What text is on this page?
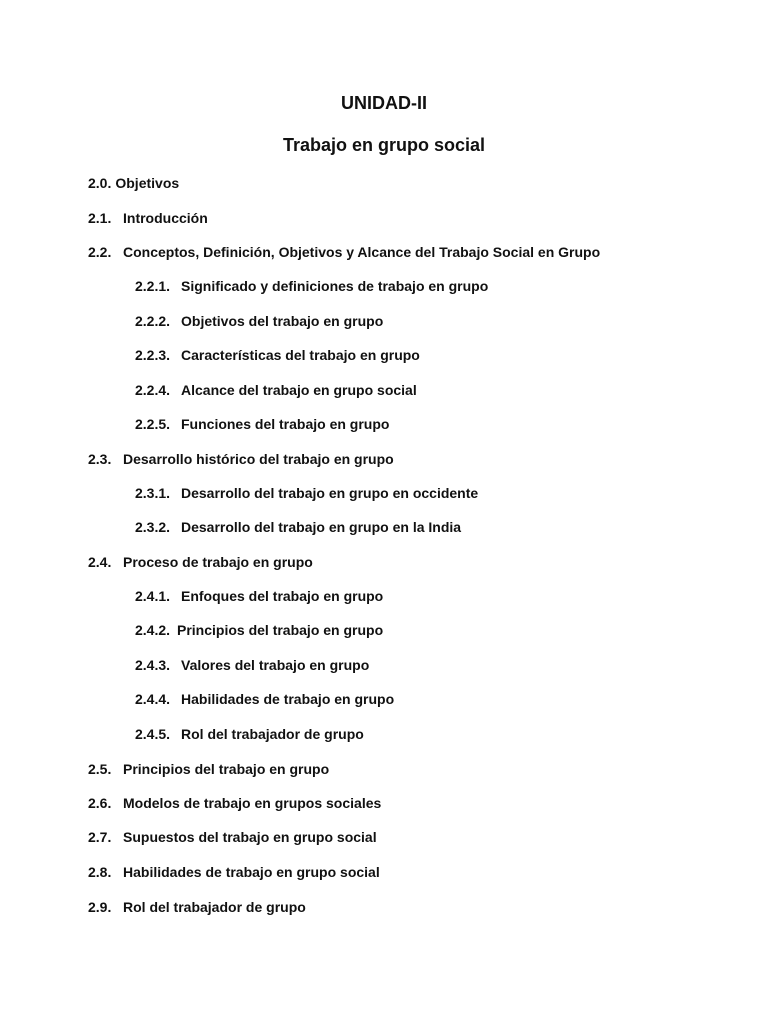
UNIDAD-II
Trabajo en grupo social
2.0. Objetivos
2.1. Introducción
2.2. Conceptos, Definición, Objetivos y Alcance del Trabajo Social en Grupo
2.2.1. Significado y definiciones de trabajo en grupo
2.2.2. Objetivos del trabajo en grupo
2.2.3. Características del trabajo en grupo
2.2.4. Alcance del trabajo en grupo social
2.2.5. Funciones del trabajo en grupo
2.3. Desarrollo histórico del trabajo en grupo
2.3.1. Desarrollo del trabajo en grupo en occidente
2.3.2. Desarrollo del trabajo en grupo en la India
2.4. Proceso de trabajo en grupo
2.4.1. Enfoques del trabajo en grupo
2.4.2. Principios del trabajo en grupo
2.4.3. Valores del trabajo en grupo
2.4.4. Habilidades de trabajo en grupo
2.4.5. Rol del trabajador de grupo
2.5. Principios del trabajo en grupo
2.6. Modelos de trabajo en grupos sociales
2.7. Supuestos del trabajo en grupo social
2.8. Habilidades de trabajo en grupo social
2.9. Rol del trabajador de grupo
